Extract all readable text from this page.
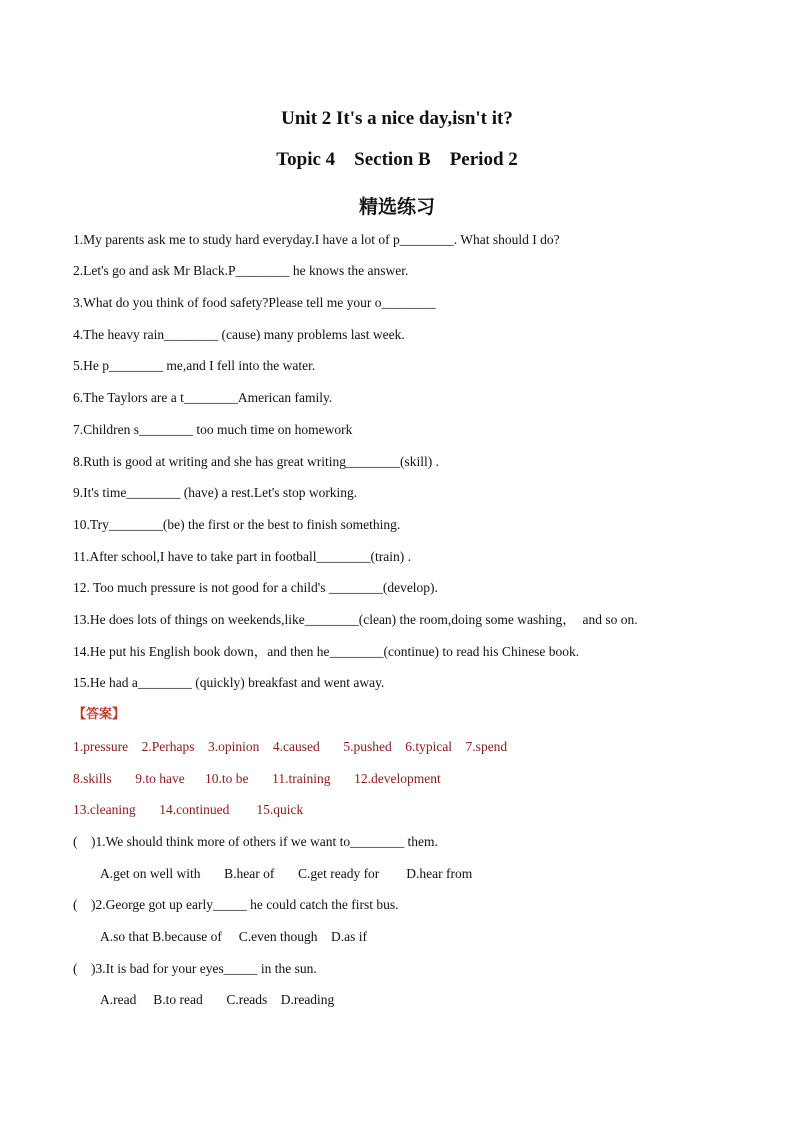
Unit 2 It's a nice day,isn't it?
Topic 4    Section B    Period 2
精选练习
1.My parents ask me to study hard everyday.I have a lot of p________. What should I do?
2.Let's go and ask Mr Black.P________ he knows the answer.
3.What do you think of food safety?Please tell me your o________
4.The heavy rain________ (cause) many problems last week.
5.He p________ me,and I fell into the water.
6.The Taylors are a t________American family.
7.Children s________ too much time on homework
8.Ruth is good at writing and she has great writing________(skill) .
9.It's time________ (have) a rest.Let's stop working.
10.Try________(be) the first or the best to finish something.
11.After school,I have to take part in football________(train) .
12. Too much pressure is not good for a child's ________(develop).
13.He does lots of things on weekends,like________(clean) the room,doing some washing，  and so on.
14.He put his English book down，and then he________(continue) to read his Chinese book.
15.He had a________ (quickly) breakfast and went away.
【答案】
1.pressure    2.Perhaps    3.opinion    4.caused       5.pushed    6.typical    7.spend
8.skills       9.to have      10.to be       11.training       12.development
13.cleaning       14.continued        15.quick
(    )1.We should think more of others if we want to________ them.
A.get on well with       B.hear of       C.get ready for        D.hear from
(    )2.George got up early_____ he could catch the first bus.
A.so that B.because of     C.even though    D.as if
(    )3.It is bad for your eyes_____ in the sun.
A.read     B.to read       C.reads    D.reading
